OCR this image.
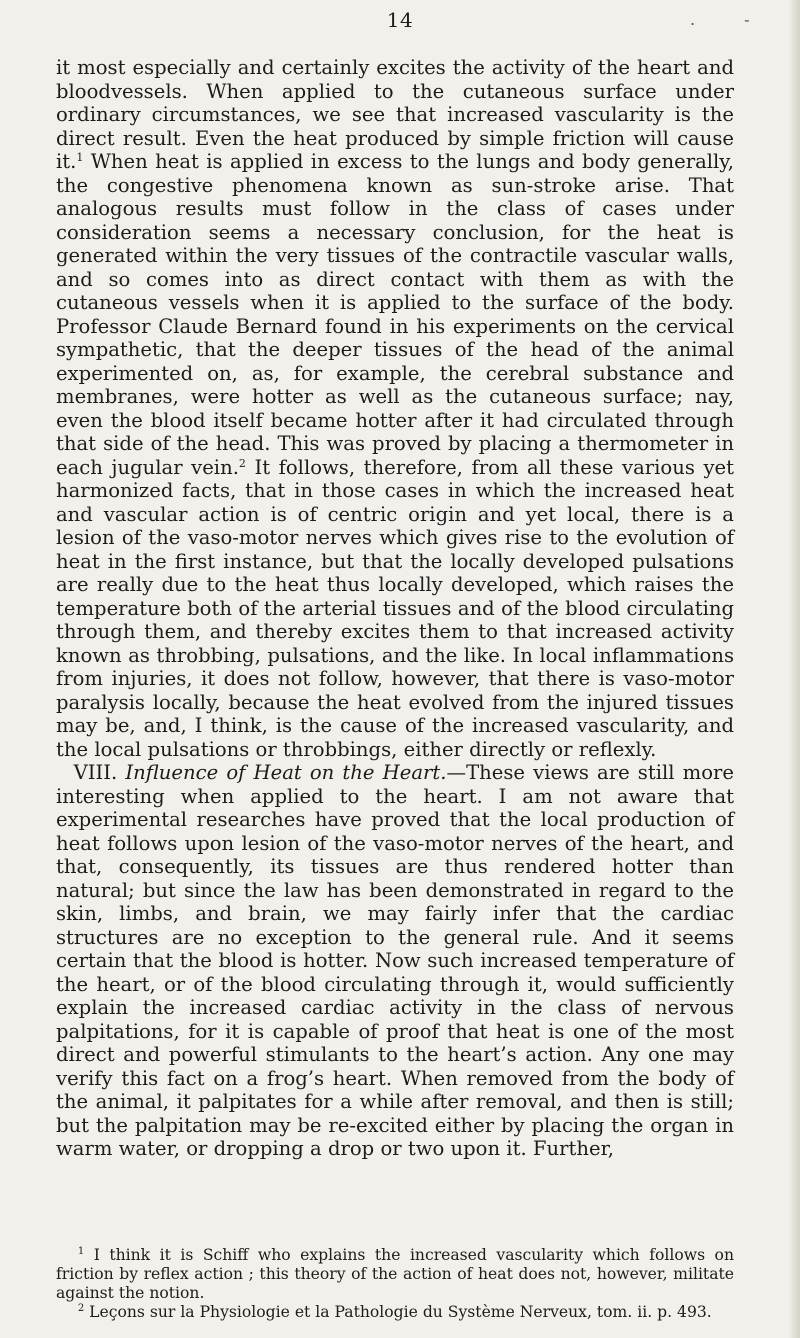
14	. -

it most especially and certainly excites the activity of the heart and bloodvessels. When applied to the cutaneous surface under ordinary circumstances, we see that increased vascularity is the direct result. Even the heat produced by simple friction will cause it.$^1$ When heat is applied in excess to the lungs and body generally, the congestive phenomena known as sun-stroke arise. That analogous results must follow in the class of cases under consideration seems a necessary conclusion, for the heat is generated within the very tissues of the contractile vascular walls, and so comes into as direct contact with them as with the cutaneous vessels when it is applied to the surface of the body. Professor Claude Bernard found in his experiments on the cervical sympathetic, that the deeper tissues of the head of the animal experimented on, as, for example, the cerebral substance and membranes, were hotter as well as the cutaneous surface; nay, even the blood itself became hotter after it had circulated through that side of the head. This was proved by placing a thermometer in each jugular vein.$^2$ It follows, therefore, from all these various yet harmonized facts, that in those cases in which the increased heat and vascular action is of centric origin and yet local, there is a lesion of the vaso-motor nerves which gives rise to the evolution of heat in the first instance, but that the locally developed pulsations are really due to the heat thus locally developed, which raises the temperature both of the arterial tissues and of the blood circulating through them, and thereby excites them to that increased activity known as throbbing, pulsations, and the like. In local inflammations from injuries, it does not follow, however, that there is vaso-motor paralysis locally, because the heat evolved from the injured tissues may be, and, I think, is the cause of the increased vascularity, and the local pulsations or throbbings, either directly or reflexly.

VIII. Influence of Heat on the Heart.—These views are still more interesting when applied to the heart. I am not aware that experimental researches have proved that the local production of heat follows upon lesion of the vaso-motor nerves of the heart, and that, consequently, its tissues are thus rendered hotter than natural; but since the law has been demonstrated in regard to the skin, limbs, and brain, we may fairly infer that the cardiac structures are no exception to the general rule. And it seems certain that the blood is hotter. Now such increased temperature of the heart, or of the blood circulating through it, would sufficiently explain the increased cardiac activity in the class of nervous palpitations, for it is capable of proof that heat is one of the most direct and powerful stimulants to the heart’s action. Any one may verify this fact on a frog’s heart. When removed from the body of the animal, it palpitates for a while after removal, and then is still; but the palpitation may be re-excited either by placing the organ in warm water, or dropping a drop or two upon it. Further,

$^1$ I think it is Schiff who explains the increased vascularity which follows on friction by reflex action ; this theory of the action of heat does not, however, militate against the notion.

$^2$ Leçons sur la Physiologie et la Pathologie du Système Nerveux, tom. ii. p. 493.
